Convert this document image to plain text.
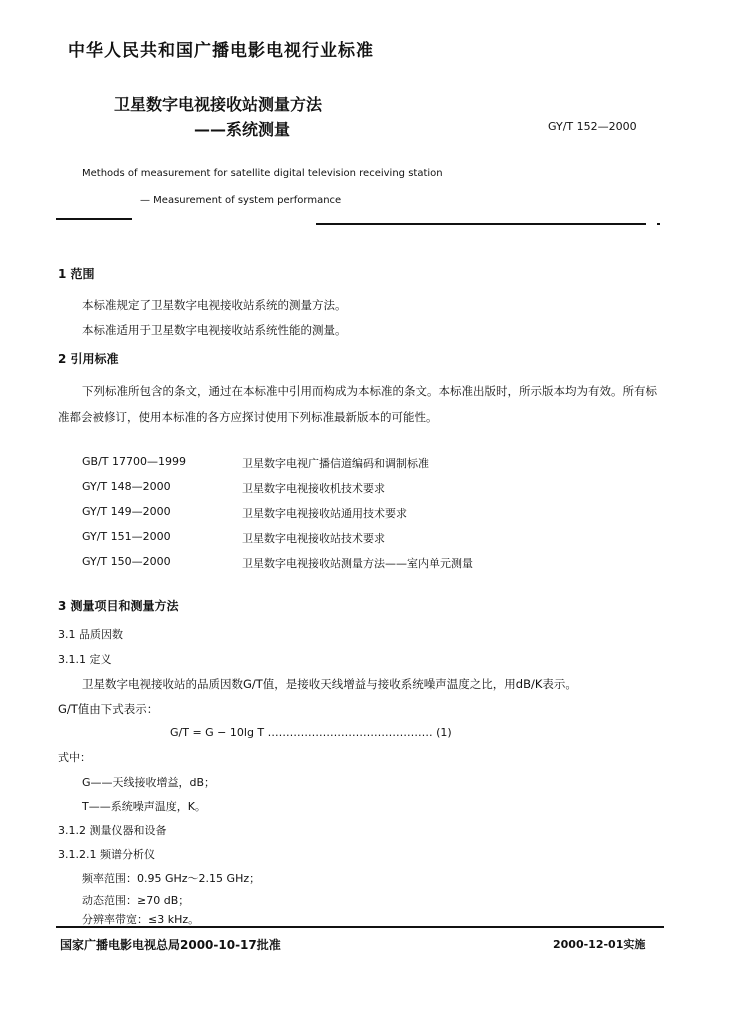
中华人民共和国广播电影电视行业标准
卫星数字电视接收站测量方法
——系统测量	GY/T 152—2000
Methods of measurement for satellite digital television receiving station
— Measurement of system performance
1 范围
本标准规定了卫星数字电视接收站系统的测量方法。
本标准适用于卫星数字电视接收站系统性能的测量。
2 引用标准
下列标准所包含的条文，通过在本标准中引用而构成为本标准的条文。本标准出版时，所示版本均为有效。所有标准都会被修订，使用本标准的各方应探讨使用下列标准最新版本的可能性。
GB/T 17700—1999	卫星数字电视广播信道编码和调制标准
GY/T 148—2000	卫星数字电视接收机技术要求
GY/T 149—2000	卫星数字电视接收站通用技术要求
GY/T 151—2000	卫星数字电视接收站技术要求
GY/T 150—2000	卫星数字电视接收站测量方法——室内单元测量
3 测量项目和测量方法
3.1 品质因数
3.1.1 定义
卫星数字电视接收站的品质因数G/T值，是接收天线增益与接收系统噪声温度之比，用dB/K表示。
G/T值由下式表示：
G/T = G − 10lg T ……………………………………… (1)
式中：
G——天线接收增益，dB；
T——系统噪声温度，K。
3.1.2 测量仪器和设备
3.1.2.1 频谱分析仪
频率范围：0.95 GHz～2.15 GHz；
动态范围：≥70 dB；
分辨率带宽：≤3 kHz。
国家广播电影电视总局2000-10-17批准	2000-12-01实施
